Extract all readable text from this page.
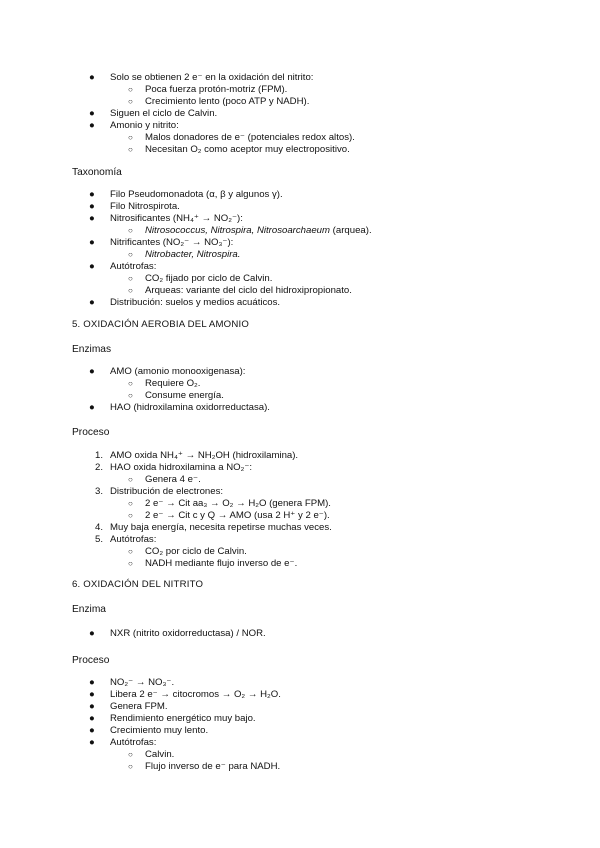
● Solo se obtienen 2 e⁻ en la oxidación del nitrito:
○ Poca fuerza protón-motriz (FPM).
○ Crecimiento lento (poco ATP y NADH).
● Siguen el ciclo de Calvin.
● Amonio y nitrito:
○ Malos donadores de e⁻ (potenciales redox altos).
○ Necesitan O₂ como aceptor muy electropositivo.
Taxonomía
● Filo Pseudomonadota (α, β y algunos γ).
● Filo Nitrospirota.
● Nitrosificantes (NH₄⁺ → NO₂⁻):
○ Nitrosococcus, Nitrospira, Nitrosoarchaeum (arquea).
● Nitrificantes (NO₂⁻ → NO₃⁻):
○ Nitrobacter, Nitrospira.
● Autótrofas:
○ CO₂ fijado por ciclo de Calvin.
○ Arqueas: variante del ciclo del hidroxipropionato.
● Distribución: suelos y medios acuáticos.
5. OXIDACIÓN AEROBIA DEL AMONIO
Enzimas
● AMO (amonio monooxigenasa):
○ Requiere O₂.
○ Consume energía.
● HAO (hidroxilamina oxidorreductasa).
Proceso
1. AMO oxida NH₄⁺ → NH₂OH (hidroxilamina).
2. HAO oxida hidroxilamina a NO₂⁻:
○ Genera 4 e⁻.
3. Distribución de electrones:
○ 2 e⁻ → Cit aa₃ → O₂ → H₂O (genera FPM).
○ 2 e⁻ → Cit c y Q → AMO (usa 2 H⁺ y 2 e⁻).
4. Muy baja energía, necesita repetirse muchas veces.
5. Autótrofas:
○ CO₂ por ciclo de Calvin.
○ NADH mediante flujo inverso de e⁻.
6. OXIDACIÓN DEL NITRITO
Enzima
● NXR (nitrito oxidorreductasa) / NOR.
Proceso
● NO₂⁻ → NO₃⁻.
● Libera 2 e⁻ → citocromos → O₂ → H₂O.
● Genera FPM.
● Rendimiento energético muy bajo.
● Crecimiento muy lento.
● Autótrofas:
○ Calvin.
○ Flujo inverso de e⁻ para NADH.
